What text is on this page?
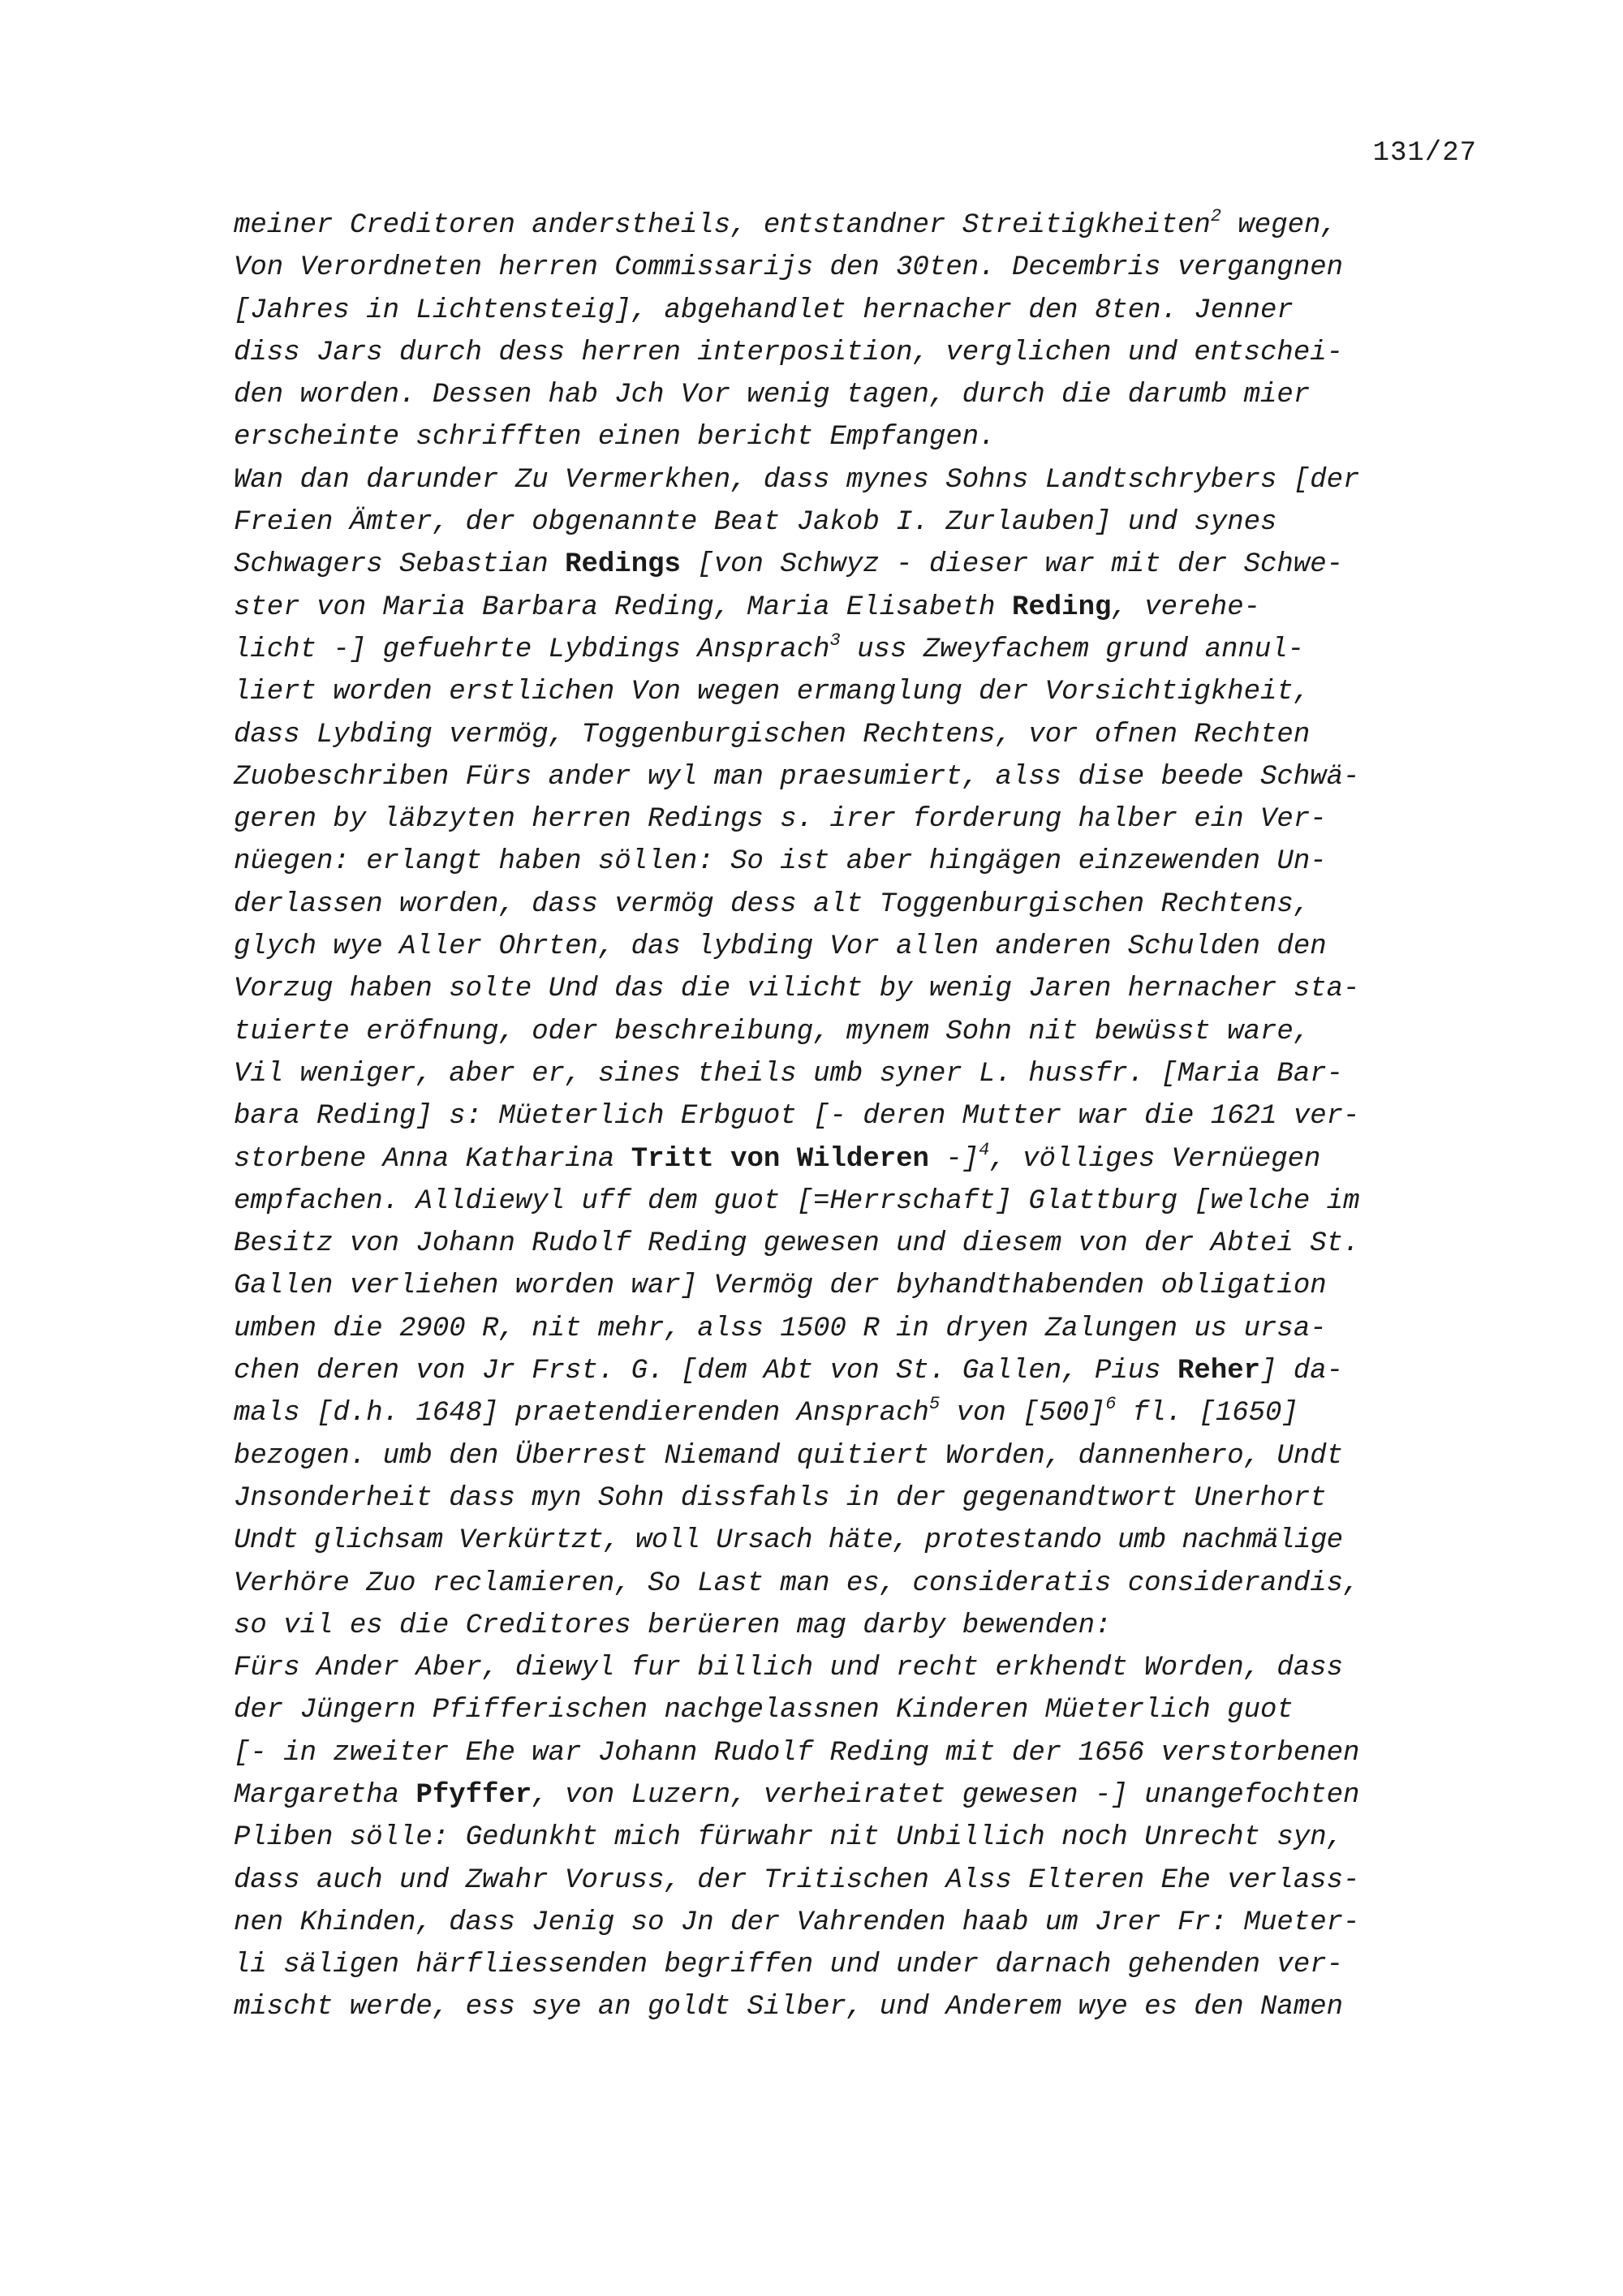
131/27
meiner Creditoren anderstheils, entstandner Streitigkheiten$^2$ wegen,
Von Verordneten herren Commissarijs den 30ten. Decembris vergangnen
[Jahres in Lichtensteig], abgehandlet hernacher den 8ten. Jenner
diss Jars durch dess herren interposition, verglichen und entschei-
den worden. Dessen hab Jch Vor wenig tagen, durch die darumb mier
erscheinte schrifften einen bericht Empfangen.
Wan dan darunder Zu Vermerkhen, dass mynes Sohns Landtschrybers [der
Freien Ämter, der obgenannte Beat Jakob I. Zurlauben] und synes
Schwagers Sebastian Redings [von Schwyz - dieser war mit der Schwe-
ster von Maria Barbara Reding, Maria Elisabeth Reding, verehe-
licht -] gefuehrte Lybdings Ansprach$^3$ uss Zweyfachem grund annul-
liert worden erstlichen Von wegen ermanglung der Vorsichtigkheit,
dass Lybding vermög, Toggenburgischen Rechtens, vor ofnen Rechten
Zuobeschriben Fürs ander wyl man praesumiert, alss dise beede Schwä-
geren by läbzyten herren Redings s. irer forderung halber ein Ver-
nüegen: erlangt haben söllen: So ist aber hingägen einzewenden Un-
derlassen worden, dass vermög dess alt Toggenburgischen Rechtens,
glych wye Aller Ohrten, das lybding Vor allen anderen Schulden den
Vorzug haben solte Und das die vilicht by wenig Jaren hernacher sta-
tuierte eröfnung, oder beschreibung, mynem Sohn nit bewüsst ware,
Vil weniger, aber er, sines theils umb syner L. hussfr. [Maria Bar-
bara Reding] s: Müeterlich Erbguot [- deren Mutter war die 1621 ver-
storbene Anna Katharina Tritt von Wilderen -]$^4$, völliges Vernüegen
empfachen. Alldiewyl uff dem guot [=Herrschaft] Glattburg [welche im
Besitz von Johann Rudolf Reding gewesen und diesem von der Abtei St.
Gallen verliehen worden war] Vermög der byhandthabenden obligation
umben die 2900 R, nit mehr, alss 1500 R in dryen Zalungen us ursa-
chen deren von Jr Frst. G. [dem Abt von St. Gallen, Pius Reher] da-
mals [d.h. 1648] praetendierenden Ansprach$^5$ von $[500]^6$ fl. [1650]
bezogen. umb den Überrest Niemand quitiert Worden, dannenhero, Undt
Jnsonderheit dass myn Sohn dissfahls in der gegenandtwort Unerhort
Undt glichsam Verkürtzt, woll Ursach häte, protestando umb nachmälige
Verhöre Zuo reclamieren, So Last man es, consideratis considerandis,
so vil es die Creditores berüeren mag darby bewenden:
Fürs Ander Aber, diewyl fur billich und recht erkhendt Worden, dass
der Jüngern Pfifferischen nachgelassnen Kinderen Müeterlich guot
[- in zweiter Ehe war Johann Rudolf Reding mit der 1656 verstorbenen
Margaretha Pfyffer, von Luzern, verheiratet gewesen -] unangefochten
Pliben sölle: Gedunkht mich fürwahr nit Unbillich noch Unrecht syn,
dass auch und Zwahr Voruss, der Tritischen Alss Elteren Ehe verlass-
nen Khinden, dass Jenig so Jn der Vahrenden haab um Jrer Fr: Mueter-
li säligen härfliessenden begriffen und under darnach gehenden ver-
mischt werde, ess sye an goldt Silber, und Anderem wye es den Namen
